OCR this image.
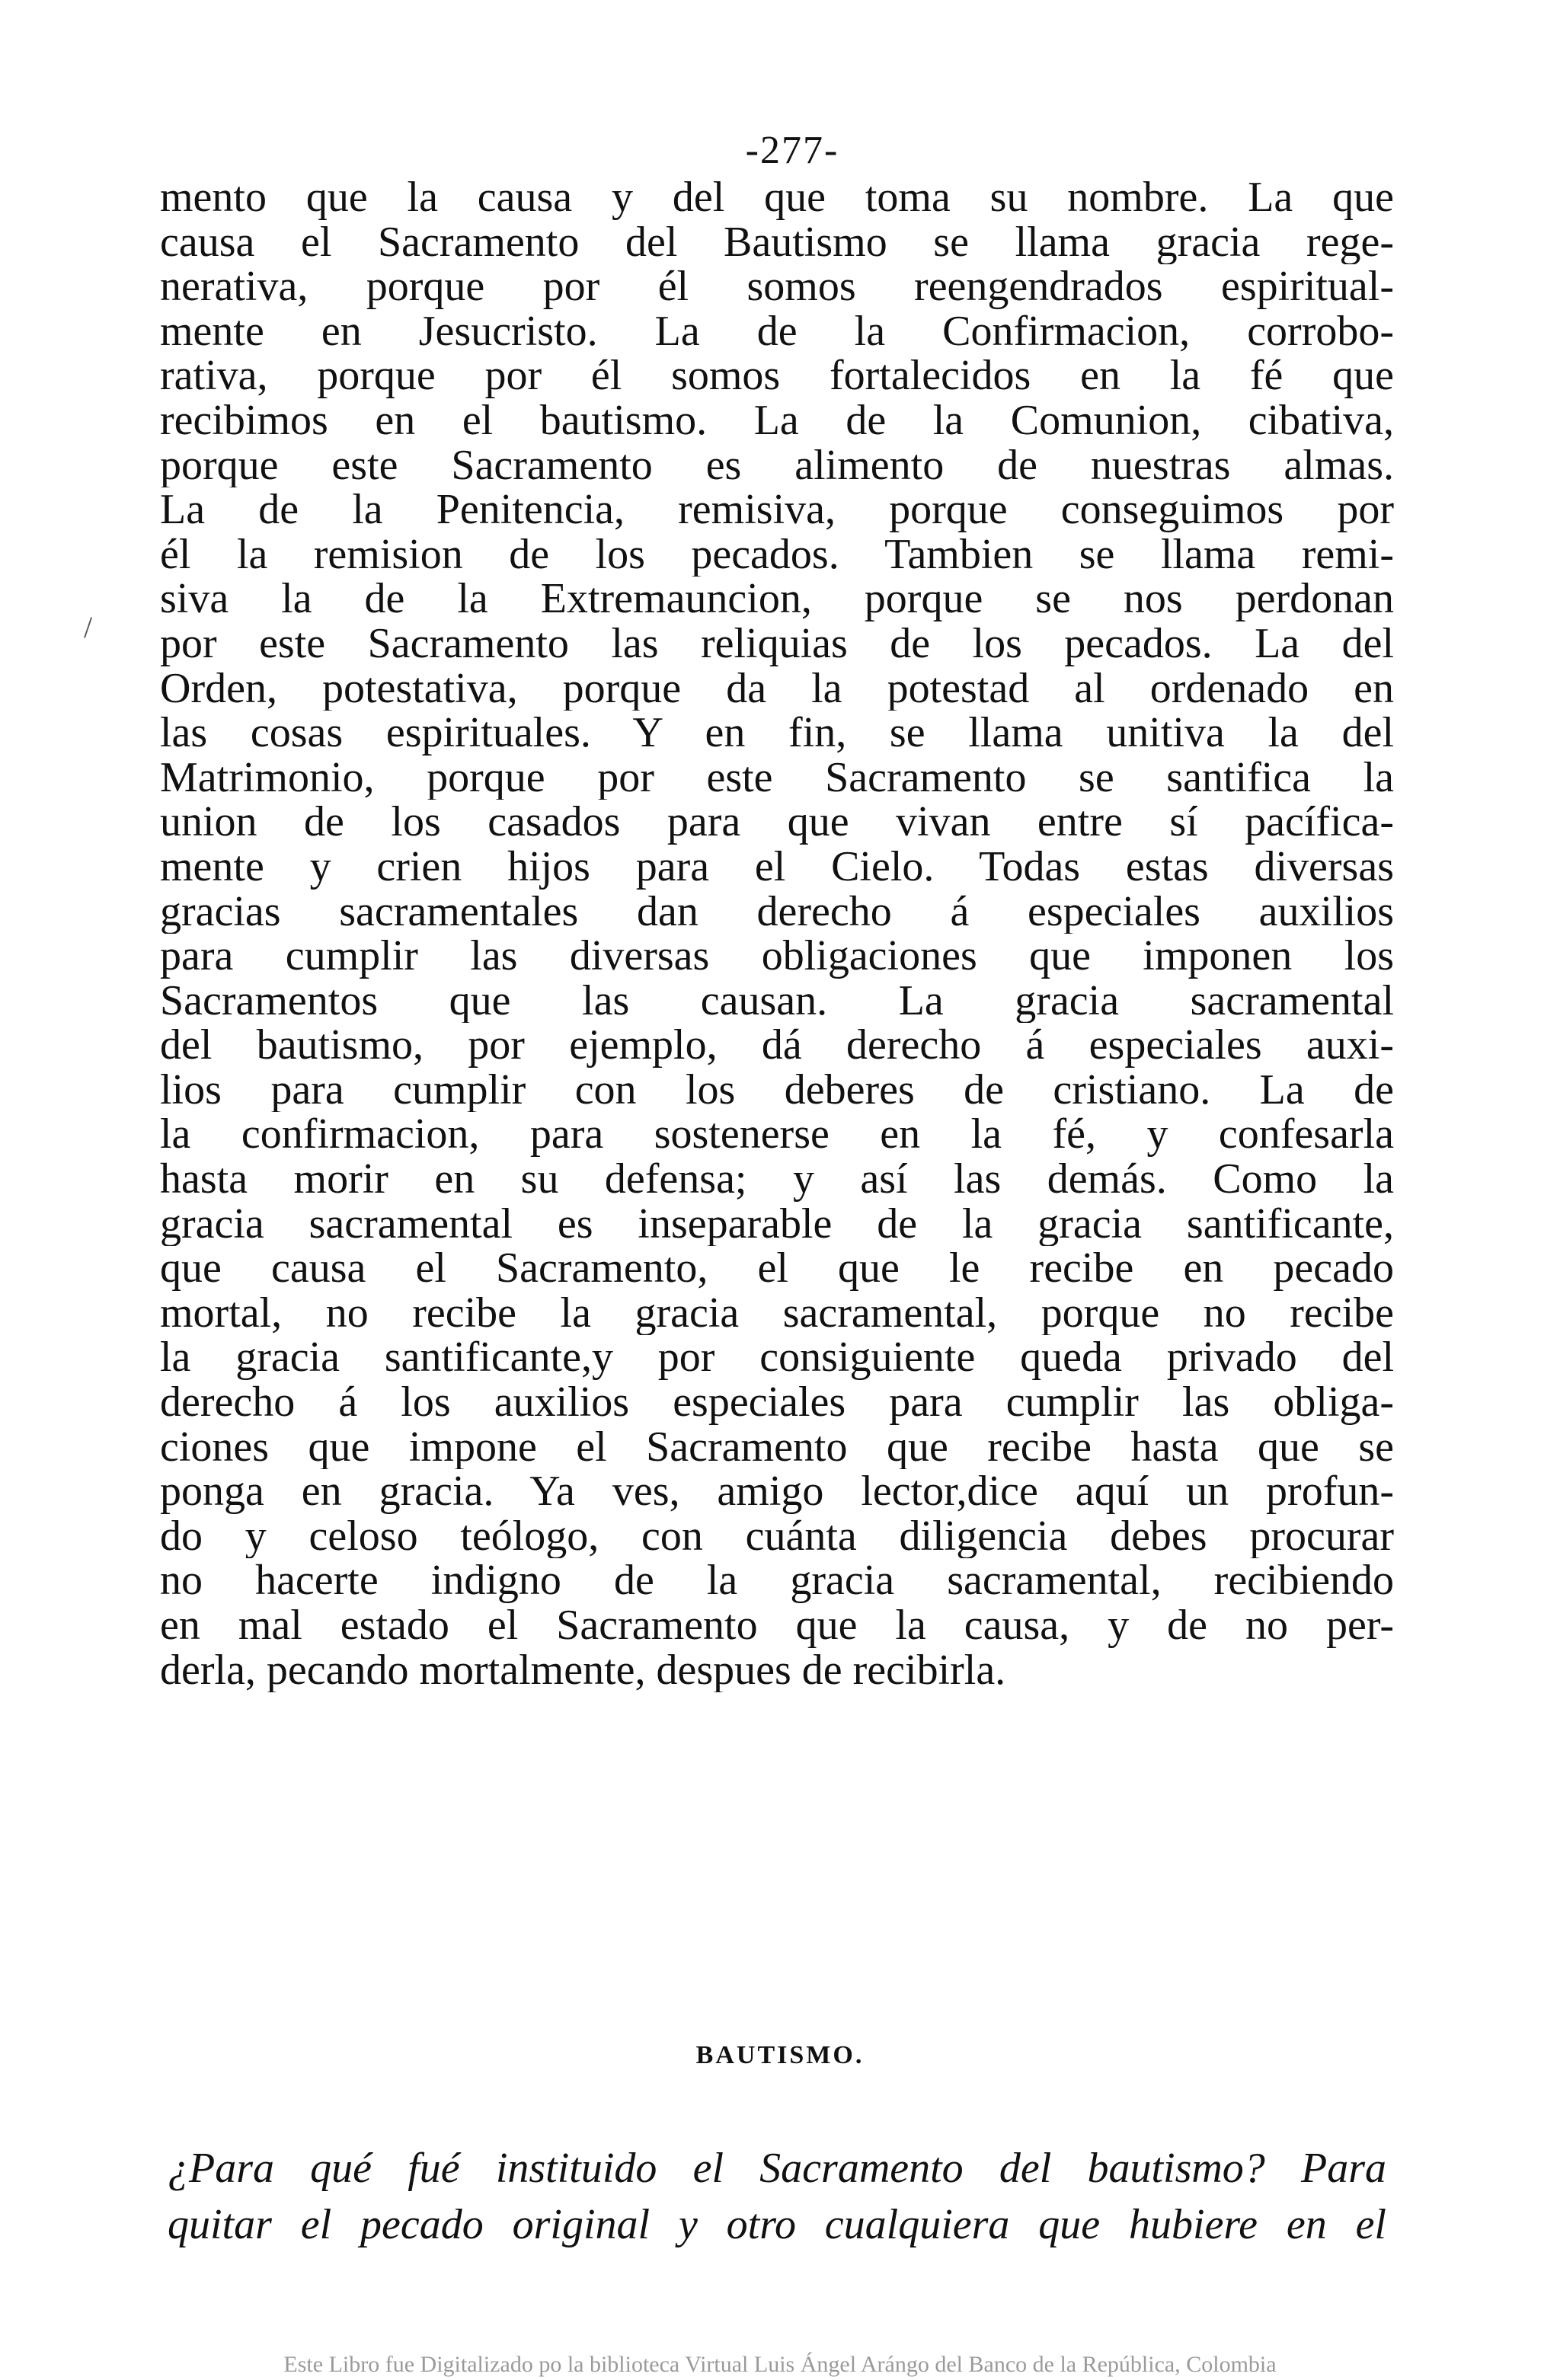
-277-
/
mento que la causa y del que toma su nombre. La que
causa el Sacramento del Bautismo se llama gracia rege-
nerativa, porque por él somos reengendrados espiritual-
mente en Jesucristo. La de la Confirmacion, corrobo-
rativa, porque por él somos fortalecidos en la fé que
recibimos en el bautismo. La de la Comunion, cibativa,
porque este Sacramento es alimento de nuestras almas.
La de la Penitencia, remisiva, porque conseguimos por
él la remision de los pecados. Tambien se llama remi-
siva la de la Extremauncion, porque se nos perdonan
por este Sacramento las reliquias de los pecados. La del
Orden, potestativa, porque da la potestad al ordenado en
las cosas espirituales. Y en fin, se llama unitiva la del
Matrimonio, porque por este Sacramento se santifica la
union de los casados para que vivan entre sí pacífica-
mente y crien hijos para el Cielo. Todas estas diversas
gracias sacramentales dan derecho á especiales auxilios
para cumplir las diversas obligaciones que imponen los
Sacramentos que las causan. La gracia sacramental
del bautismo, por ejemplo, dá derecho á especiales auxi-
lios para cumplir con los deberes de cristiano. La de
la confirmacion, para sostenerse en la fé, y confesarla
hasta morir en su defensa; y así las demás. Como la
gracia sacramental es inseparable de la gracia santificante,
que causa el Sacramento, el que le recibe en pecado
mortal, no recibe la gracia sacramental, porque no recibe
la gracia santificante,y por consiguiente queda privado del
derecho á los auxilios especiales para cumplir las obliga-
ciones que impone el Sacramento que recibe hasta que se
ponga en gracia. Ya ves, amigo lector,dice aquí un profun-
do y celoso teólogo, con cuánta diligencia debes procurar
no hacerte indigno de la gracia sacramental, recibiendo
en mal estado el Sacramento que la causa, y de no per-
derla, pecando mortalmente, despues de recibirla.
BAUTISMO.
¿Para qué fué instituido el Sacramento del bautismo? Para
quitar el pecado original y otro cualquiera que hubiere en el
Este Libro fue Digitalizado po la biblioteca Virtual Luis Ángel Arángo del Banco de la República, Colombia
